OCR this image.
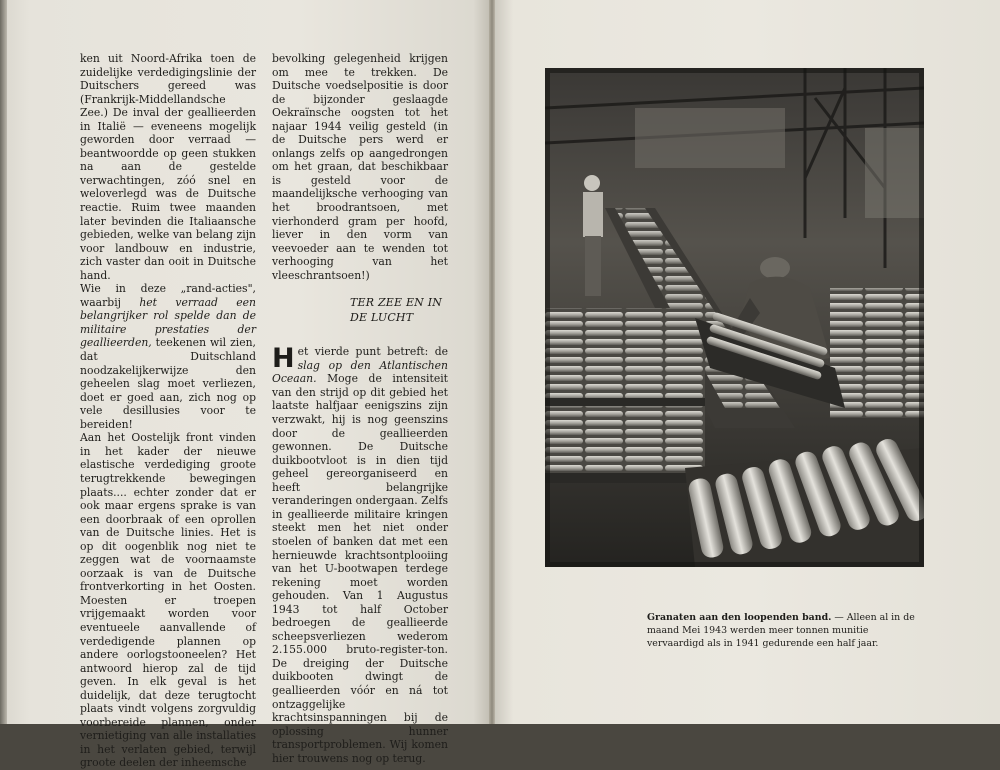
ken uit Noord-Afrika toen de zuidelijke verdedigingslinie der Duitschers gereed was (Frankrijk-Middellandsche Zee.) De inval der geallieerden in Italië — eveneens mogelijk geworden door verraad — beantwoordde op geen stukken na aan de gestelde verwachtingen, zóó snel en weloverlegd was de Duitsche reactie. Ruim twee maanden later bevinden die Italiaansche gebieden, welke van belang zijn voor landbouw en industrie, zich vaster dan ooit in Duitsche hand.

Wie in deze „rand-acties", waarbij het verraad een belangrijker rol spelde dan de militaire prestaties der geallieerden, teekenen wil zien, dat Duitschland noodzakelijkerwijze den geheelen slag moet verliezen, doet er goed aan, zich nog op vele desillusies voor te bereiden!

Aan het Oostelijk front vinden in het kader der nieuwe elastische verdediging groote terugtrekkende bewegingen plaats.... echter zonder dat er ook maar ergens sprake is van een doorbraak of een oprollen van de Duitsche linies. Het is op dit oogenblik nog niet te zeggen wat de voornaamste oorzaak is van de Duitsche frontverkorting in het Oosten. Moesten er troepen vrijgemaakt worden voor eventueele aanvallende of verdedigende plannen op andere oorlogstooneelen? Het antwoord hierop zal de tijd geven. In elk geval is het duidelijk, dat deze terugtocht plaats vindt volgens zorgvuldig voorbereide plannen, onder vernietiging van alle installaties in het verlaten gebied, terwijl groote deelen der inheemsche

bevolking gelegenheid krijgen om mee te trekken. De Duitsche voedselpositie is door de bijzonder geslaagde Oekraïnsche oogsten tot het najaar 1944 veilig gesteld (in de Duitsche pers werd er onlangs zelfs op aangedrongen om het graan, dat beschikbaar is gesteld voor de maandelijksche verhooging van het broodrantsoen, met vierhonderd gram per hoofd, liever in den vorm van veevoeder aan te wenden tot verhooging van het vleeschrantsoen!)

TER ZEE EN IN
DE LUCHT

Het vierde punt betreft: de slag op den Atlantischen Oceaan. Moge de intensiteit van den strijd op dit gebied het laatste halfjaar eenigszins zijn verzwakt, hij is nog geenszins door de geallieerden gewonnen. De Duitsche duikbootvloot is in dien tijd geheel gereorganiseerd en heeft belangrijke veranderingen ondergaan. Zelfs in geallieerde militaire kringen steekt men het niet onder stoelen of banken dat met een hernieuwde krachtsontplooiing van het U-bootwapen terdege rekening moet worden gehouden. Van 1 Augustus 1943 tot half October bedroegen de geallieerde scheepsverliezen wederom 2.155.000 bruto-register-ton. De dreiging der Duitsche duikbooten dwingt de geallieerden vóór en ná tot ontzaggelijke krachtsinspanningen bij de oplossing hunner transportproblemen. Wij komen hier trouwens nog op terug.

Granaten aan den loopenden band. — Alleen al in de maand Mei 1943 werden meer tonnen munitie vervaardigd als in 1941 gedurende een half jaar.
